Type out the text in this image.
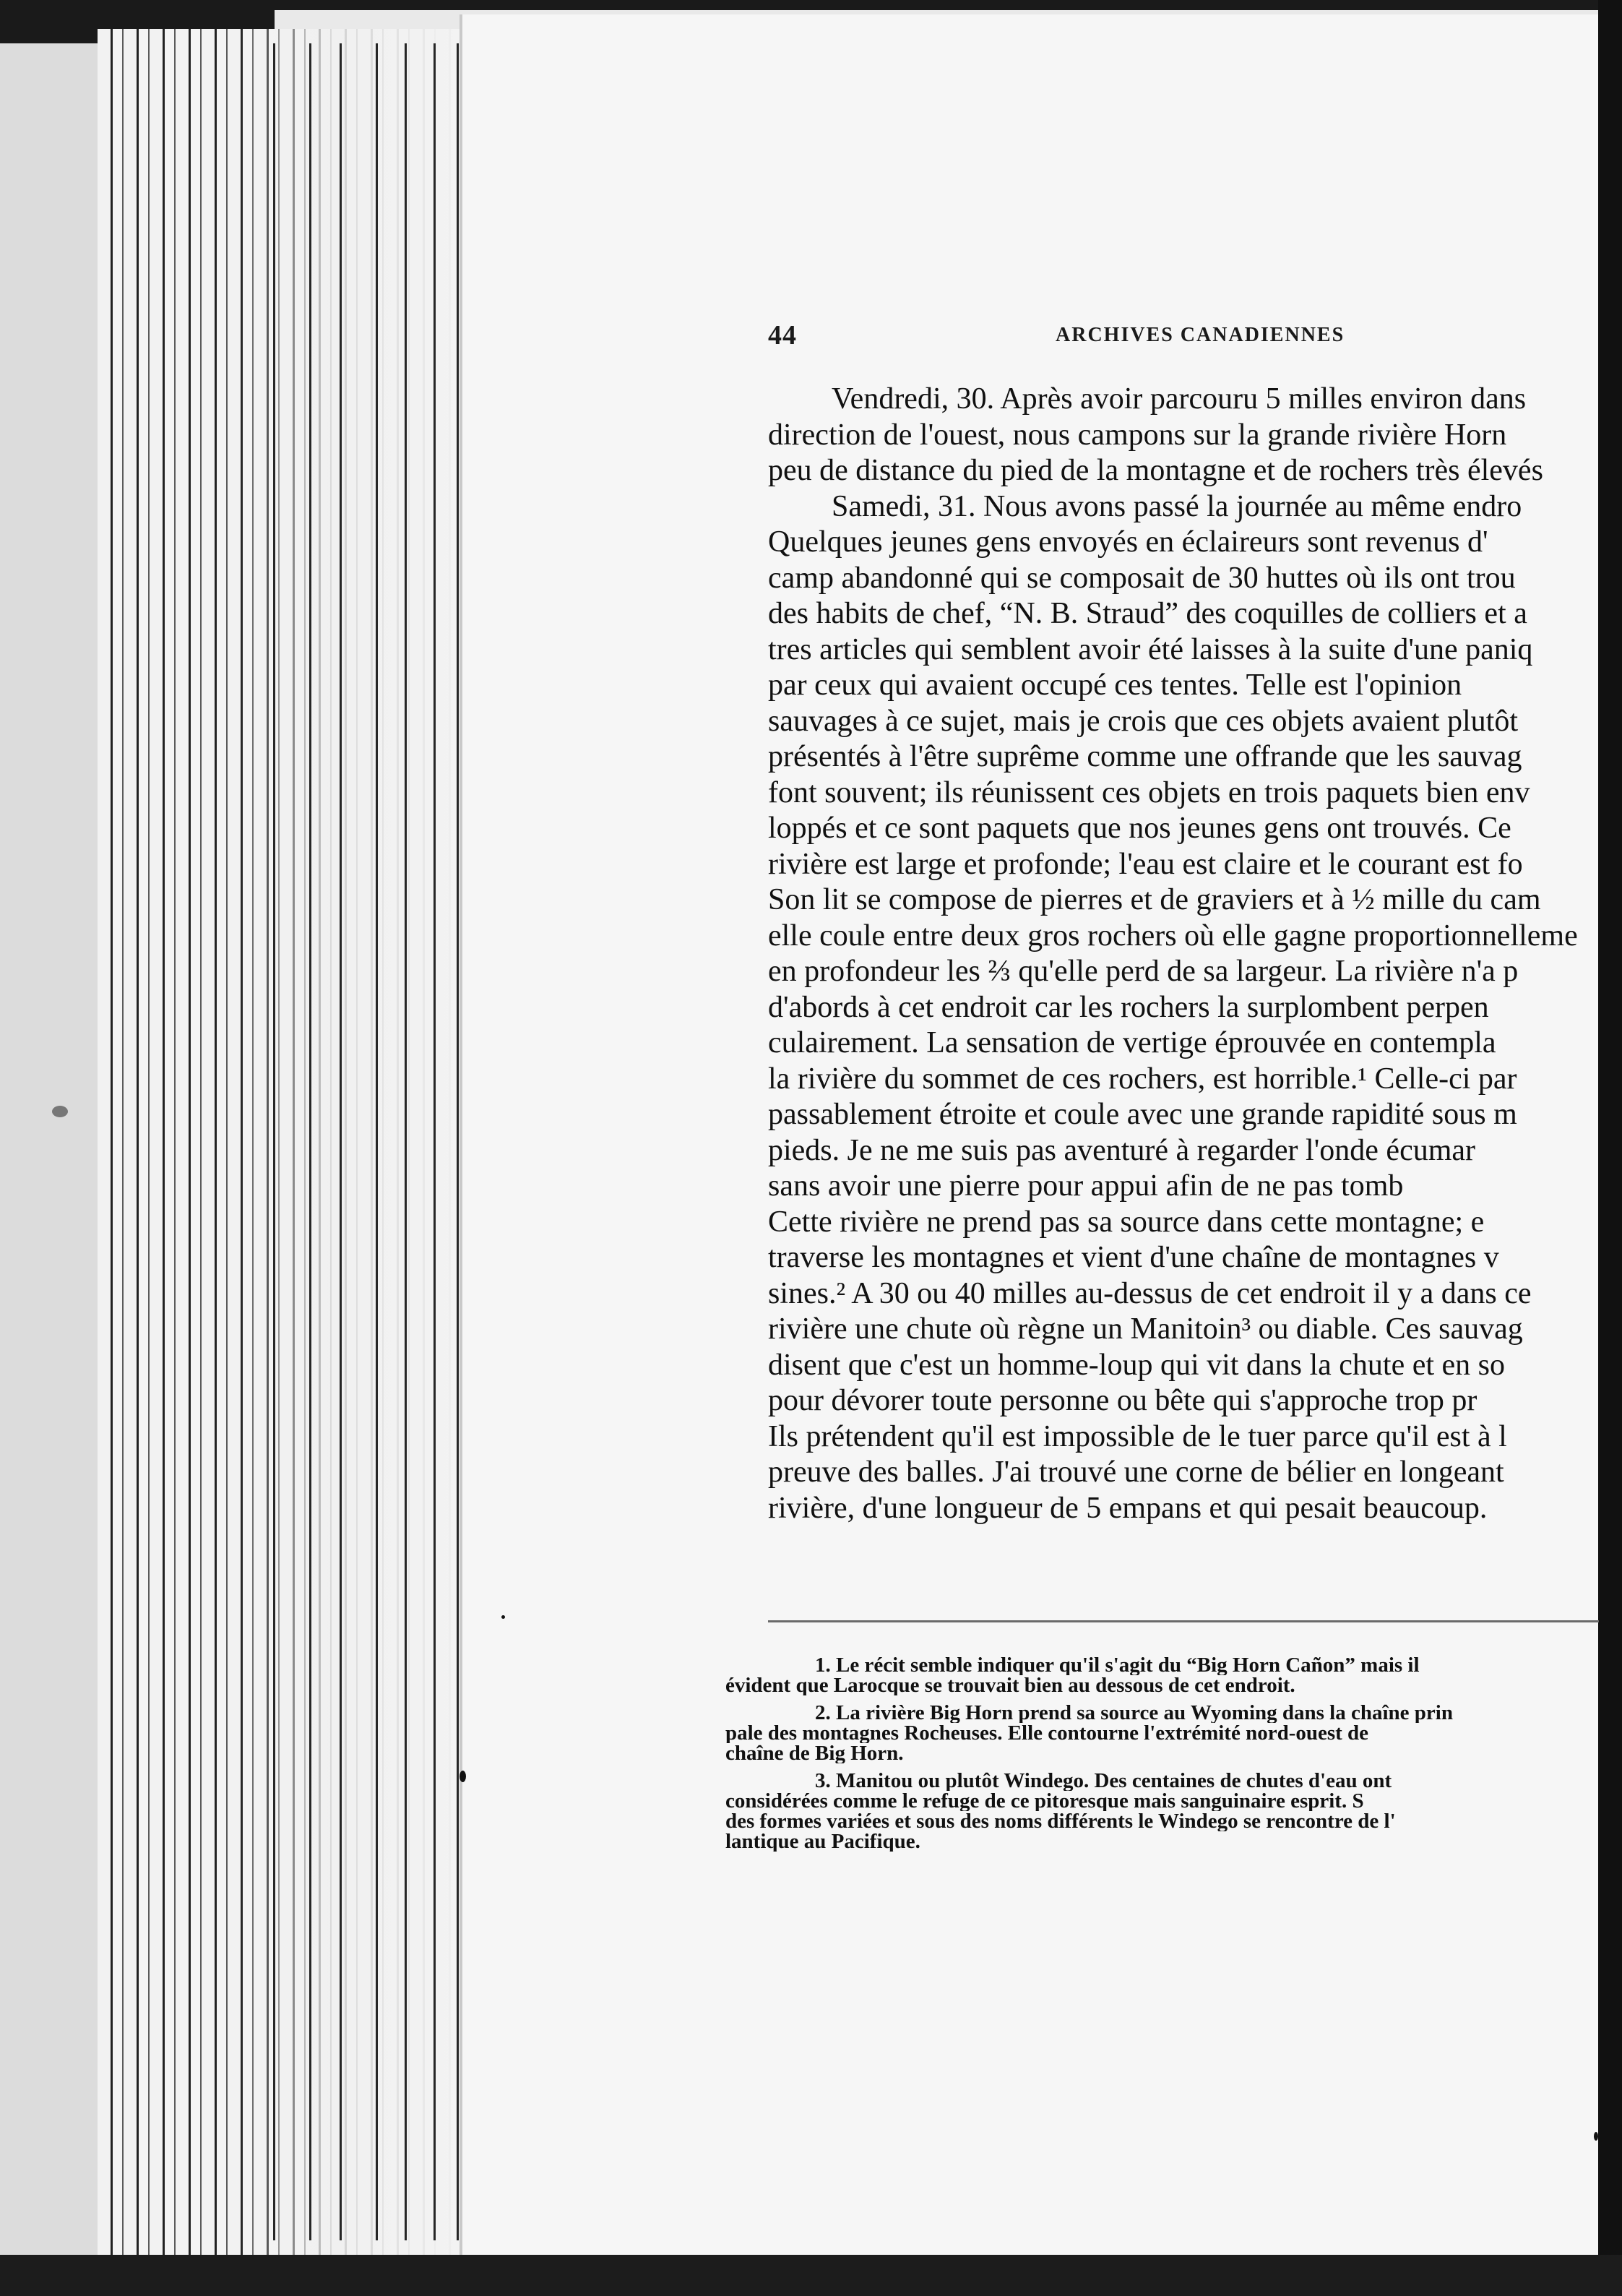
44	ARCHIVES CANADIENNES
Vendredi, 30. Après avoir parcouru 5 milles environ dans
direction de l'ouest, nous campons sur la grande rivière Horn
peu de distance du pied de la montagne et de rochers très élevés
Samedi, 31. Nous avons passé la journée au même endro
Quelques jeunes gens envoyés en éclaireurs sont revenus d'
camp abandonné qui se composait de 30 huttes où ils ont trou
des habits de chef, “N. B. Straud” des coquilles de colliers et a
tres articles qui semblent avoir été laisses à la suite d'une paniq
par ceux qui avaient occupé ces tentes. Telle est l'opinion
sauvages à ce sujet, mais je crois que ces objets avaient plutôt
présentés à l'être suprême comme une offrande que les sauvag
font souvent; ils réunissent ces objets en trois paquets bien env
loppés et ce sont paquets que nos jeunes gens ont trouvés. Ce
rivière est large et profonde; l'eau est claire et le courant est fo
Son lit se compose de pierres et de graviers et à ½ mille du cam
elle coule entre deux gros rochers où elle gagne proportionnelleme
en profondeur les ⅔ qu'elle perd de sa largeur. La rivière n'a p
d'abords à cet endroit car les rochers la surplombent perpen
culairement. La sensation de vertige éprouvée en contempla
la rivière du sommet de ces rochers, est horrible.¹ Celle-ci par
passablement étroite et coule avec une grande rapidité sous m
pieds. Je ne me suis pas aventuré à regarder l'onde écumar
sans avoir une pierre pour appui afin de ne pas tomb
Cette rivière ne prend pas sa source dans cette montagne; e
traverse les montagnes et vient d'une chaîne de montagnes v
sines.² A 30 ou 40 milles au-dessus de cet endroit il y a dans ce
rivière une chute où règne un Manitoin³ ou diable. Ces sauvag
disent que c'est un homme-loup qui vit dans la chute et en so
pour dévorer toute personne ou bête qui s'approche trop pr
Ils prétendent qu'il est impossible de le tuer parce qu'il est à l
preuve des balles. J'ai trouvé une corne de bélier en longeant
rivière, d'une longueur de 5 empans et qui pesait beaucoup.
1. Le récit semble indiquer qu'il s'agit du “Big Horn Cañon” mais il
évident que Larocque se trouvait bien au dessous de cet endroit.
2. La rivière Big Horn prend sa source au Wyoming dans la chaîne prin
pale des montagnes Rocheuses. Elle contourne l'extrémité nord-ouest de
chaîne de Big Horn.
3. Manitou ou plutôt Windego. Des centaines de chutes d'eau ont
considérées comme le refuge de ce pitoresque mais sanguinaire esprit. S
des formes variées et sous des noms différents le Windego se rencontre de l'
lantique au Pacifique.
